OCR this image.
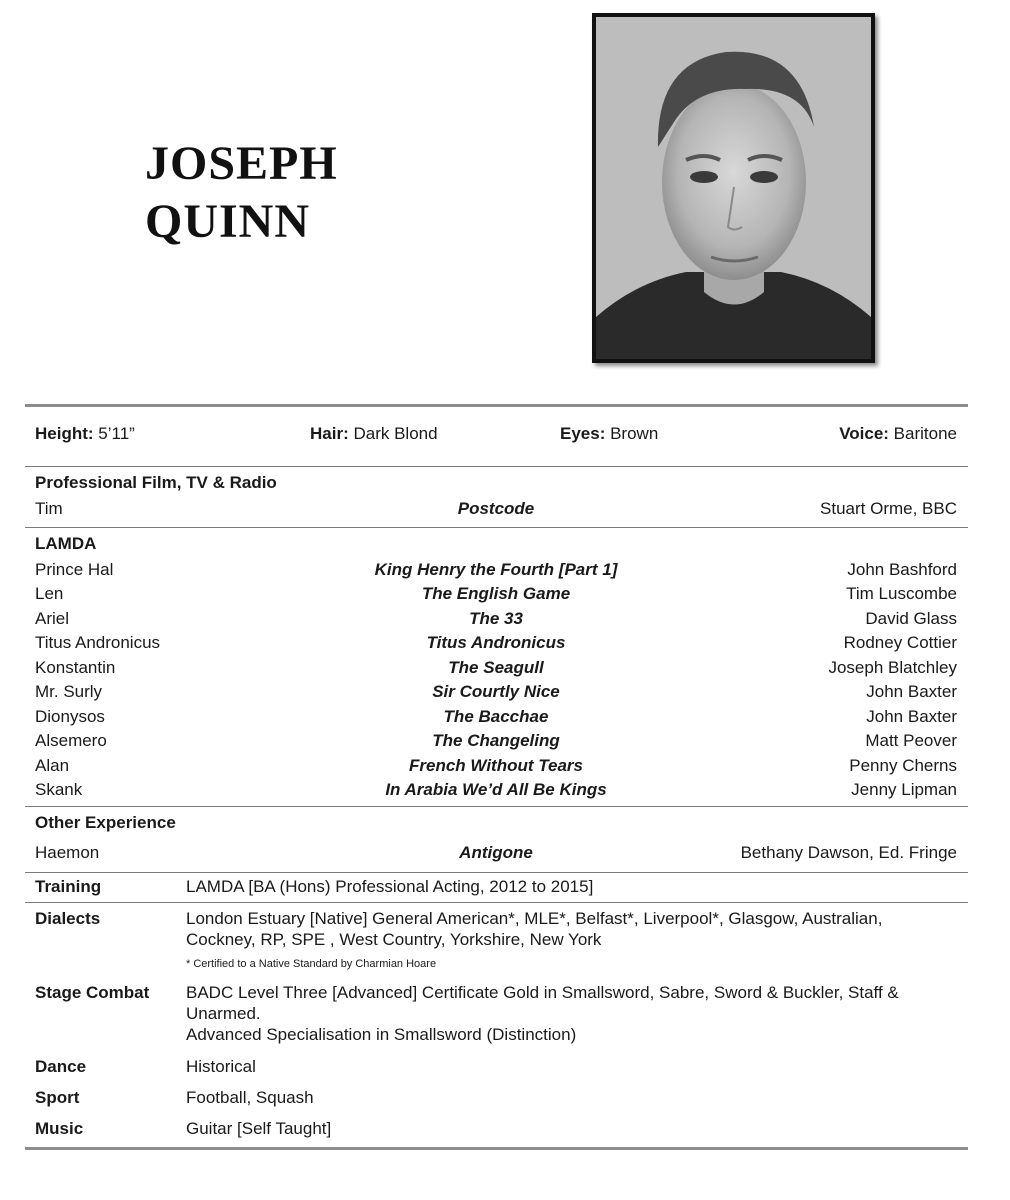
JOSEPH
QUINN
Height: 5’11”	Hair: Dark Blond	Eyes: Brown	Voice: Baritone
Professional Film, TV & Radio
Tim	Postcode	Stuart Orme, BBC
LAMDA
Prince Hal	King Henry the Fourth [Part 1]	John Bashford
Len	The English Game	Tim Luscombe
Ariel	The 33	David Glass
Titus Andronicus	Titus Andronicus	Rodney Cottier
Konstantin	The Seagull	Joseph Blatchley
Mr. Surly	Sir Courtly Nice	John Baxter
Dionysos	The Bacchae	John Baxter
Alsemero	The Changeling	Matt Peover
Alan	French Without Tears	Penny Cherns
Skank	In Arabia We’d All Be Kings	Jenny Lipman
Other Experience
Haemon	Antigone	Bethany Dawson, Ed. Fringe
Training	LAMDA [BA (Hons) Professional Acting, 2012 to 2015]
Dialects	London Estuary [Native] General American*, MLE*, Belfast*, Liverpool*, Glasgow, Australian,
Cockney, RP, SPE , West Country, Yorkshire, New York
* Certified to a Native Standard by Charmian Hoare
Stage Combat BADC Level Three [Advanced] Certificate Gold in Smallsword, Sabre, Sword & Buckler, Staff &
Unarmed.
Advanced Specialisation in Smallsword (Distinction)
Dance	Historical
Sport	Football, Squash
Music	Guitar [Self Taught]
